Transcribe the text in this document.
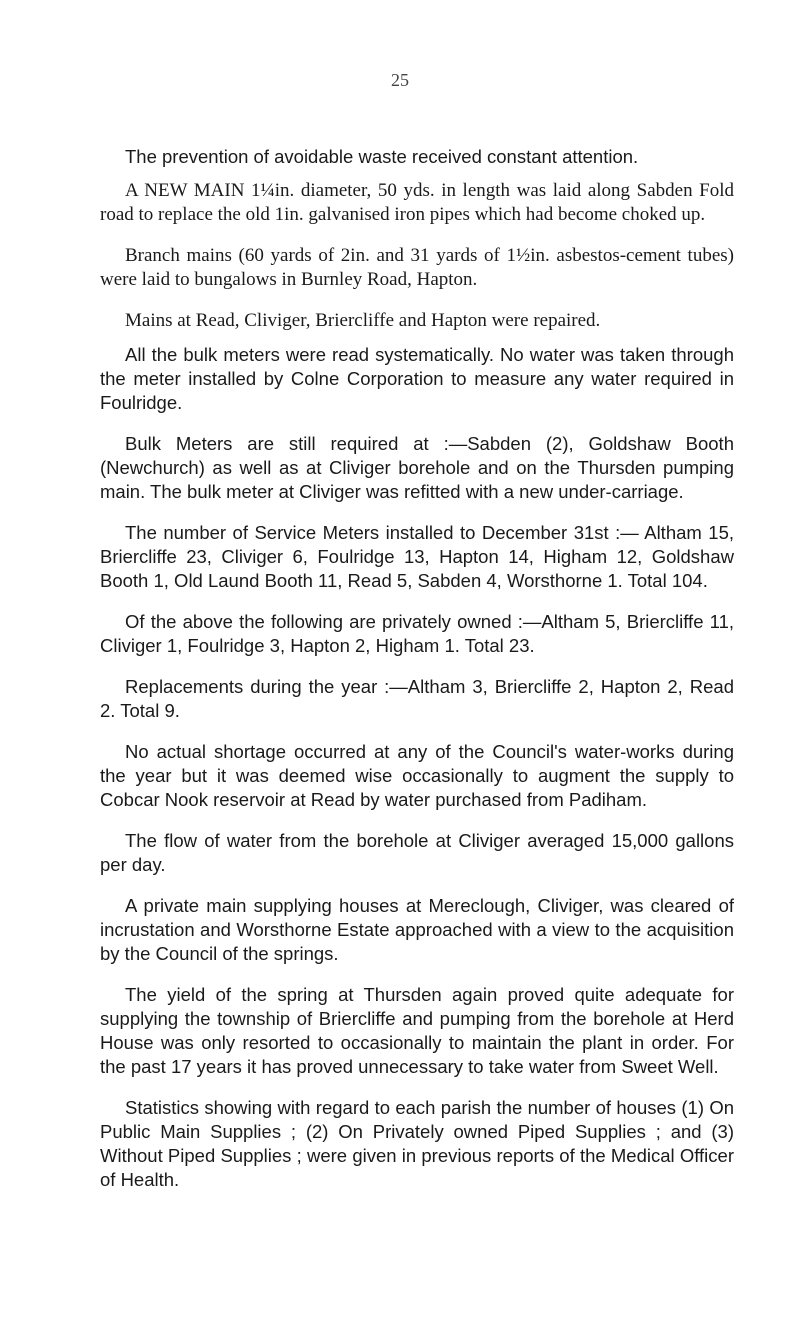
25

The prevention of avoidable waste received constant attention.

A NEW MAIN 1¼in. diameter, 50 yds. in length was laid along Sabden Fold road to replace the old 1in. galvanised iron pipes which had become choked up.

Branch mains (60 yards of 2in. and 31 yards of 1½in. asbestos-cement tubes) were laid to bungalows in Burnley Road, Hapton.

Mains at Read, Cliviger, Briercliffe and Hapton were repaired.

All the bulk meters were read systematically. No water was taken through the meter installed by Colne Corporation to measure any water required in Foulridge.

Bulk Meters are still required at :—Sabden (2), Goldshaw Booth (Newchurch) as well as at Cliviger borehole and on the Thursden pumping main. The bulk meter at Cliviger was refitted with a new under-carriage.

The number of Service Meters installed to December 31st :— Altham 15, Briercliffe 23, Cliviger 6, Foulridge 13, Hapton 14, Higham 12, Goldshaw Booth 1, Old Laund Booth 11, Read 5, Sabden 4, Worsthorne 1. Total 104.

Of the above the following are privately owned :—Altham 5, Briercliffe 11, Cliviger 1, Foulridge 3, Hapton 2, Higham 1. Total 23.

Replacements during the year :—Altham 3, Briercliffe 2, Hapton 2, Read 2. Total 9.

No actual shortage occurred at any of the Council's water-works during the year but it was deemed wise occasionally to augment the supply to Cobcar Nook reservoir at Read by water purchased from Padiham.

The flow of water from the borehole at Cliviger averaged 15,000 gallons per day.

A private main supplying houses at Mereclough, Cliviger, was cleared of incrustation and Worsthorne Estate approached with a view to the acquisition by the Council of the springs.

The yield of the spring at Thursden again proved quite adequate for supplying the township of Briercliffe and pumping from the borehole at Herd House was only resorted to occasionally to maintain the plant in order. For the past 17 years it has proved unnecessary to take water from Sweet Well.

Statistics showing with regard to each parish the number of houses (1) On Public Main Supplies ; (2) On Privately owned Piped Supplies ; and (3) Without Piped Supplies ; were given in previous reports of the Medical Officer of Health.
